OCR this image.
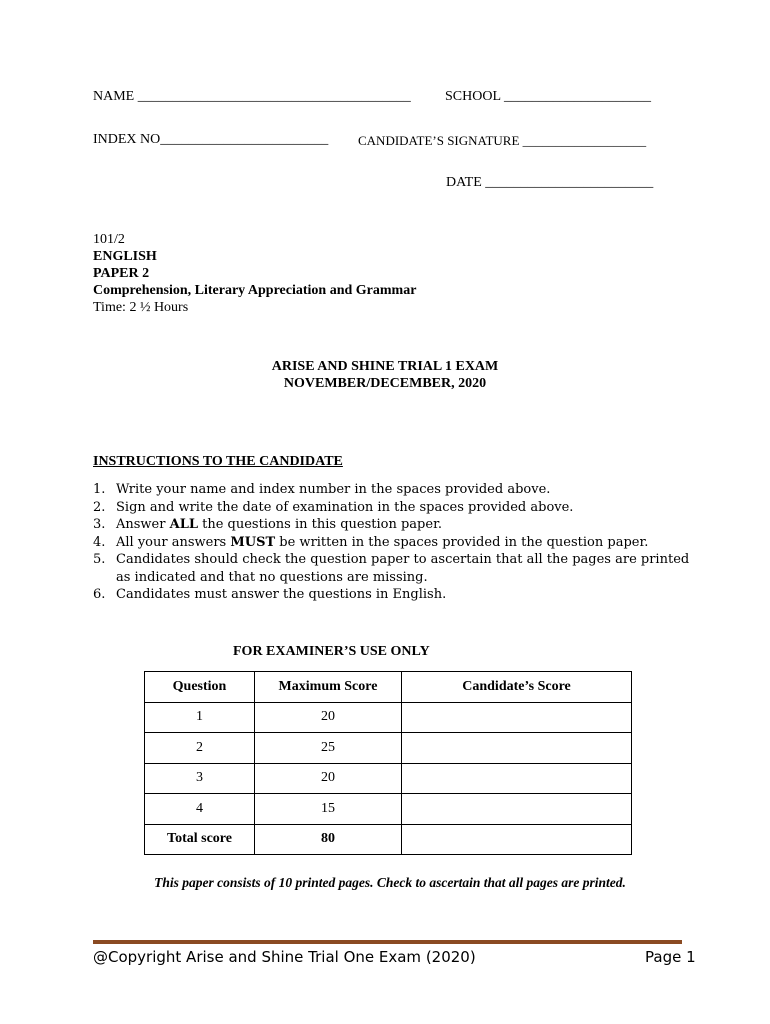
NAME _______________________________________ SCHOOL _____________________
INDEX NO________________________ CANDIDATE’S SIGNATURE ___________________
DATE ________________________
101/2
ENGLISH
PAPER 2
Comprehension, Literary Appreciation and Grammar
Time: 2 ½ Hours
ARISE AND SHINE TRIAL 1 EXAM
NOVEMBER/DECEMBER, 2020
INSTRUCTIONS TO THE CANDIDATE
1. Write your name and index number in the spaces provided above.
2. Sign and write the date of examination in the spaces provided above.
3. Answer ALL the questions in this question paper.
4. All your answers MUST be written in the spaces provided in the question paper.
5. Candidates should check the question paper to ascertain that all the pages are printed as indicated and that no questions are missing.
6. Candidates must answer the questions in English.
FOR EXAMINER’S USE ONLY
Question	Maximum Score	Candidate’s Score
1	20	
2	25	
3	20	
4	15	
Total score	80	
This paper consists of 10 printed pages. Check to ascertain that all pages are printed.
@Copyright Arise and Shine Trial One Exam (2020)	Page 1
